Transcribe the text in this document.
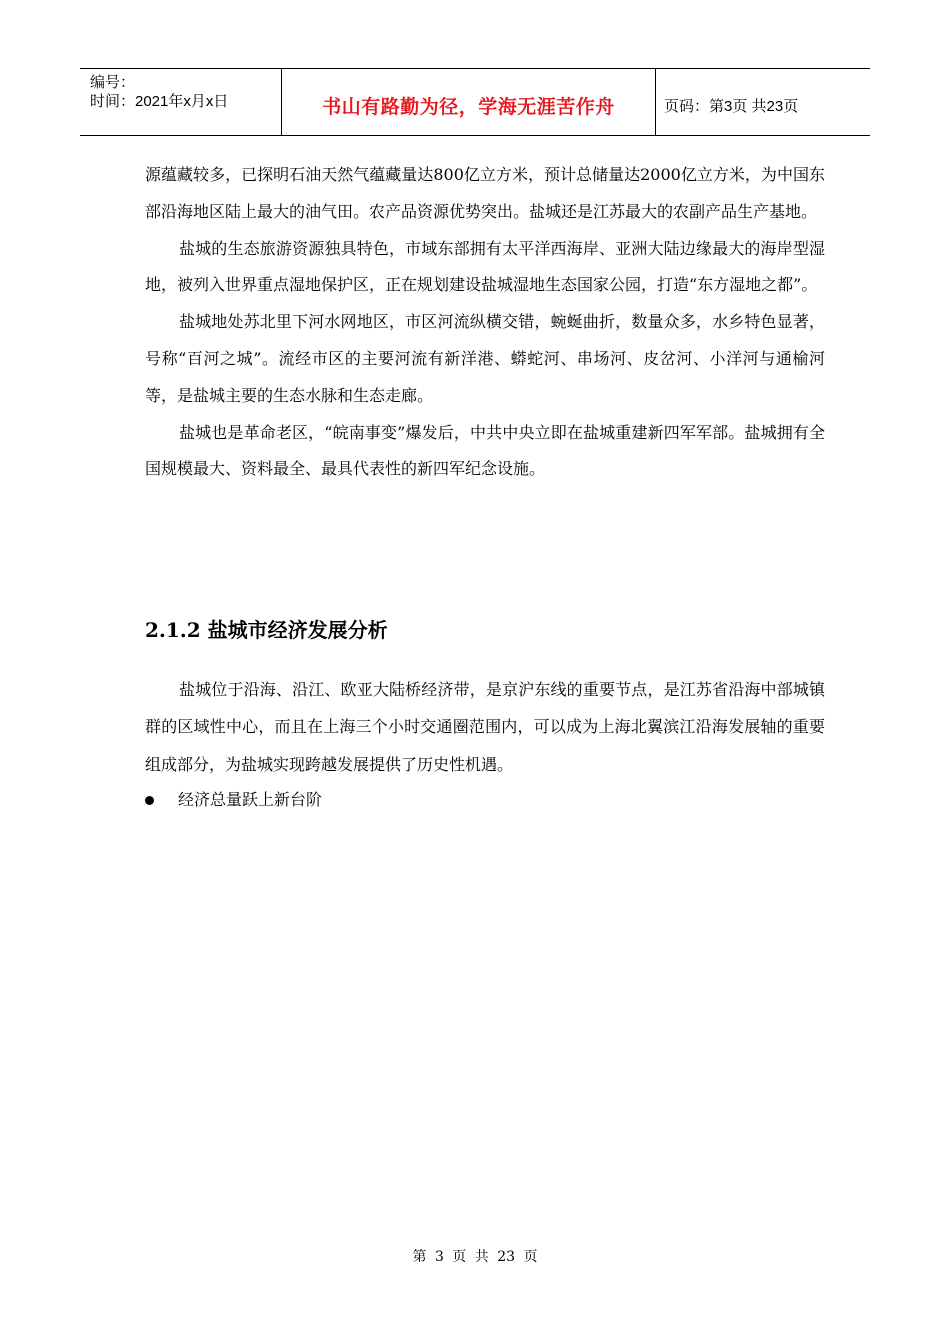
编号：
时间：2021年x月x日	书山有路勤为径，学海无涯苦作舟	页码：第3页 共23页

源蕴藏较多，已探明石油天然气蕴藏量达800亿立方米，预计总储量达2000亿立方米，为中国东部沿海地区陆上最大的油气田。农产品资源优势突出。盐城还是江苏最大的农副产品生产基地。

盐城的生态旅游资源独具特色，市域东部拥有太平洋西海岸、亚洲大陆边缘最大的海岸型湿地，被列入世界重点湿地保护区，正在规划建设盐城湿地生态国家公园，打造“东方湿地之都”。

盐城地处苏北里下河水网地区，市区河流纵横交错，蜿蜒曲折，数量众多，水乡特色显著，号称“百河之城”。流经市区的主要河流有新洋港、蟒蛇河、串场河、皮岔河、小洋河与通榆河等，是盐城主要的生态水脉和生态走廊。

盐城也是革命老区，“皖南事变”爆发后，中共中央立即在盐城重建新四军军部。盐城拥有全国规模最大、资料最全、最具代表性的新四军纪念设施。

2.1.2 盐城市经济发展分析

盐城位于沿海、沿江、欧亚大陆桥经济带，是京沪东线的重要节点，是江苏省沿海中部城镇群的区域性中心，而且在上海三个小时交通圈范围内，可以成为上海北翼滨江沿海发展轴的重要组成部分，为盐城实现跨越发展提供了历史性机遇。

经济总量跃上新台阶
第 3 页 共 23 页
